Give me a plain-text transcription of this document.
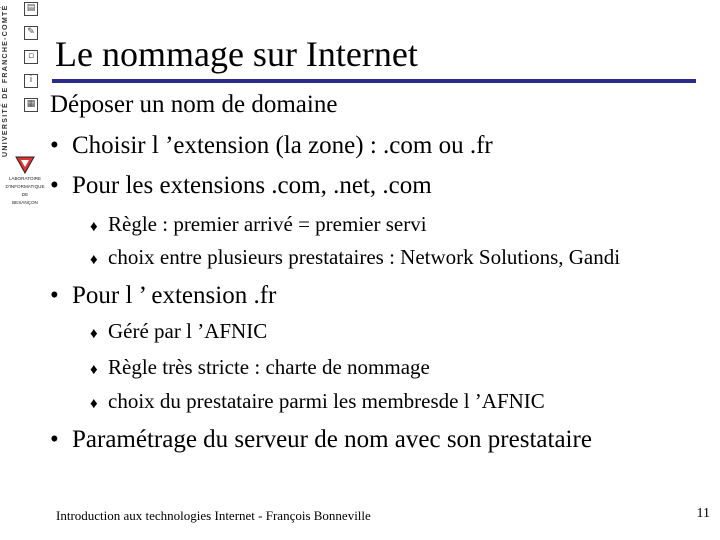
UNIVERSITÉ DE FRANCHE-COMTÉ	▤
✎
▫
i
▦
LABORATOIRE
D'INFORMATIQUE
DE
BESANÇON
Le nommage sur Internet
Déposer un nom de domaine
• Choisir l ’extension (la zone) : .com ou .fr
• Pour les extensions .com, .net, .com
♦ Règle : premier arrivé = premier servi
♦ choix entre plusieurs prestataires : Network Solutions, Gandi
• Pour l ’ extension .fr
♦ Géré par l ’AFNIC
♦ Règle très stricte : charte de nommage
♦ choix du prestataire parmi les membresde l ’AFNIC
• Paramétrage du serveur de nom avec son prestataire
Introduction aux technologies Internet - François Bonneville	11
